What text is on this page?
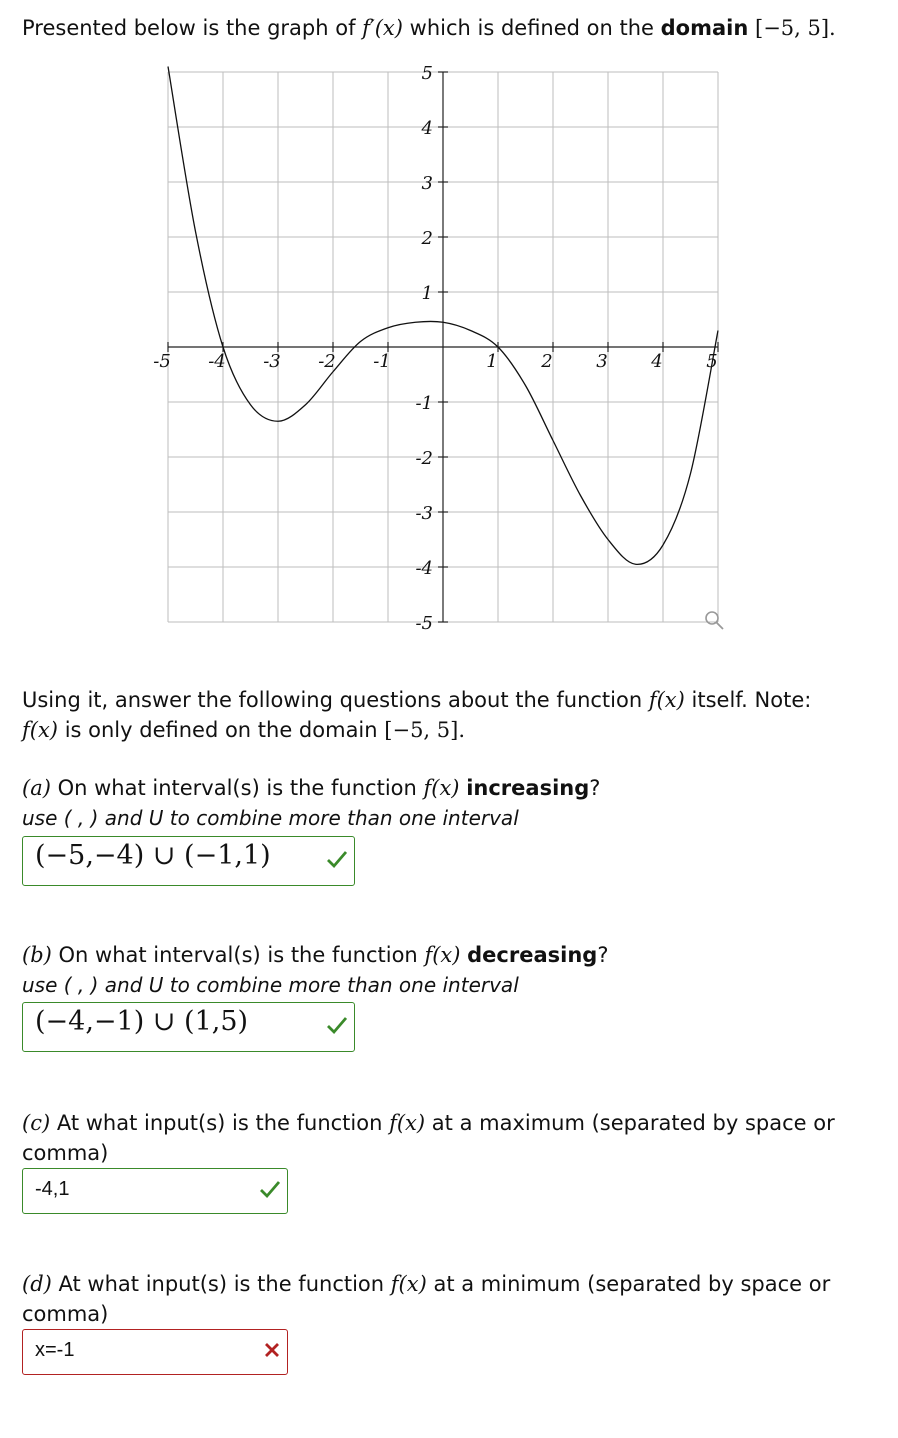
Presented below is the graph of f′(x) which is defined on the domain [−5, 5].
-5 -4 -3 -2 -1	1 2 3 4 5
5
4
3
2
1
-1
-2
-3
-4
-5
Using it, answer the following questions about the function f(x) itself. Note:
f(x) is only defined on the domain [−5, 5].
(a) On what interval(s) is the function f(x) increasing?
use ( , ) and U to combine more than one interval
(−5,−4) ∪ (−1,1)
(b) On what interval(s) is the function f(x) decreasing?
use ( , ) and U to combine more than one interval
(−4,−1) ∪ (1,5)
(c) At what input(s) is the function f(x) at a maximum (separated by space or
comma)
-4,1
(d) At what input(s) is the function f(x) at a minimum (separated by space or
comma)
x=-1
